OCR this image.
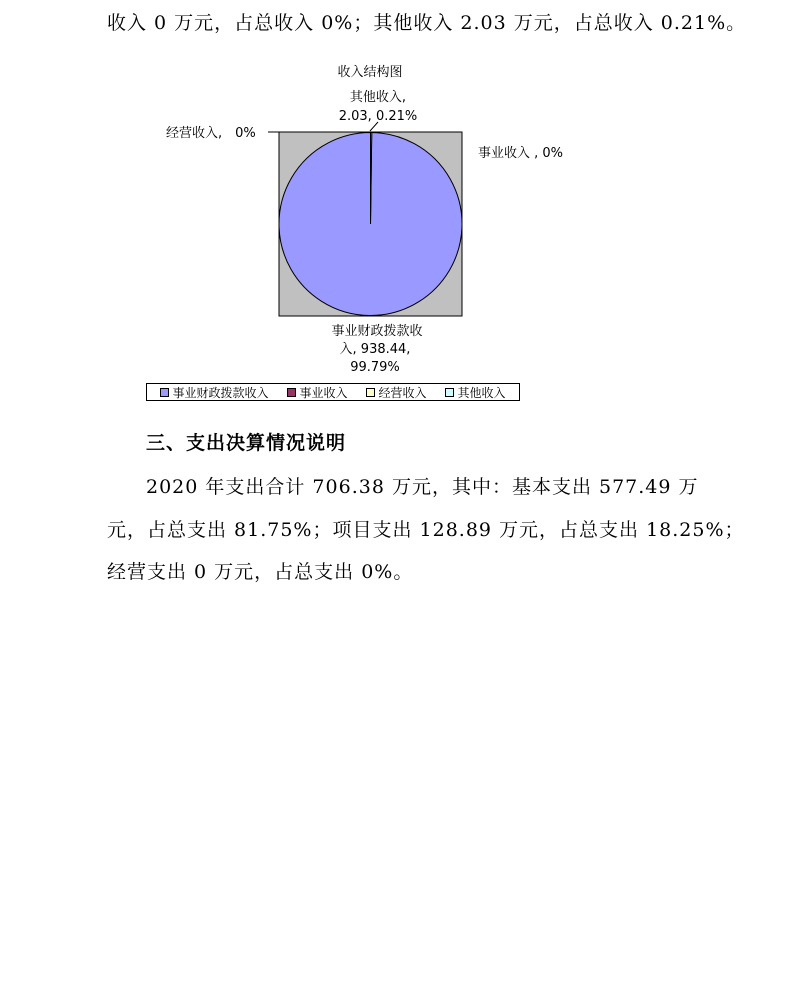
收入 0 万元，占总收入 0%；其他收入 2.03 万元，占总收入 0.21%。
收入结构图
其他收入,
2.03, 0.21%
经营收入,　0%
事业收入 , 0%
事业财政拨款收
入, 938.44,
99.79%
事业财政拨款收入	事业收入	经营收入	其他收入
三、支出决算情况说明
2020 年支出合计 706.38 万元，其中：基本支出 577.49 万
元，占总支出 81.75%；项目支出 128.89 万元，占总支出 18.25%；
经营支出 0 万元，占总支出 0%。
